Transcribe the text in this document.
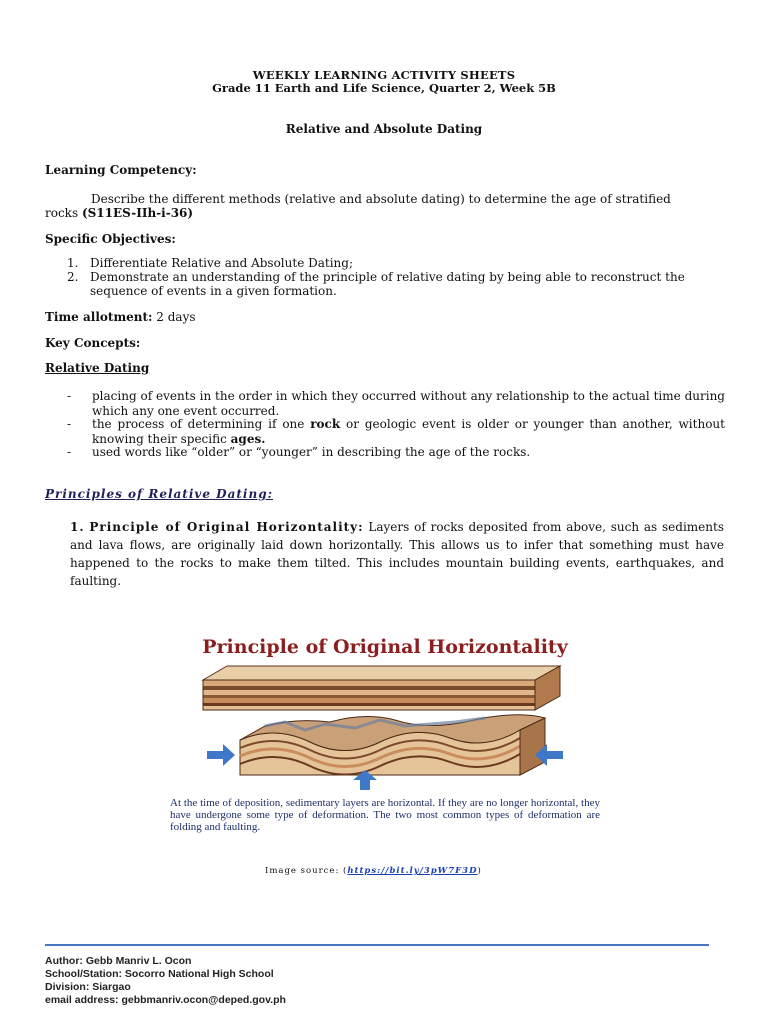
WEEKLY LEARNING ACTIVITY SHEETS
Grade 11 Earth and Life Science, Quarter 2, Week 5B
Relative and Absolute Dating
Learning Competency:
Describe the different methods (relative and absolute dating) to determine the age of stratified
rocks (S11ES-IIh-i-36)
Specific Objectives:
1. Differentiate Relative and Absolute Dating;
2. Demonstrate an understanding of the principle of relative dating by being able to reconstruct the sequence of events in a given formation.
Time allotment: 2 days
Key Concepts:
Relative Dating
- placing of events in the order in which they occurred without any relationship to the actual time during which any one event occurred.
- the process of determining if one rock or geologic event is older or younger than another, without knowing their specific ages.
- used words like “older” or “younger” in describing the age of the rocks.
Principles of Relative Dating:
1. Principle of Original Horizontality: Layers of rocks deposited from above, such as sediments and lava flows, are originally laid down horizontally. This allows us to infer that something must have happened to the rocks to make them tilted. This includes mountain building events, earthquakes, and faulting.
Principle of Original Horizontality
At the time of deposition, sedimentary layers are horizontal. If they are no longer horizontal, they have undergone some type of deformation. The two most common types of deformation are folding and faulting.
Image source: (https://bit.ly/3pW7F3D)
Author: Gebb Manriv L. Ocon
School/Station: Socorro National High School
Division: Siargao
email address: gebbmanriv.ocon@deped.gov.ph
